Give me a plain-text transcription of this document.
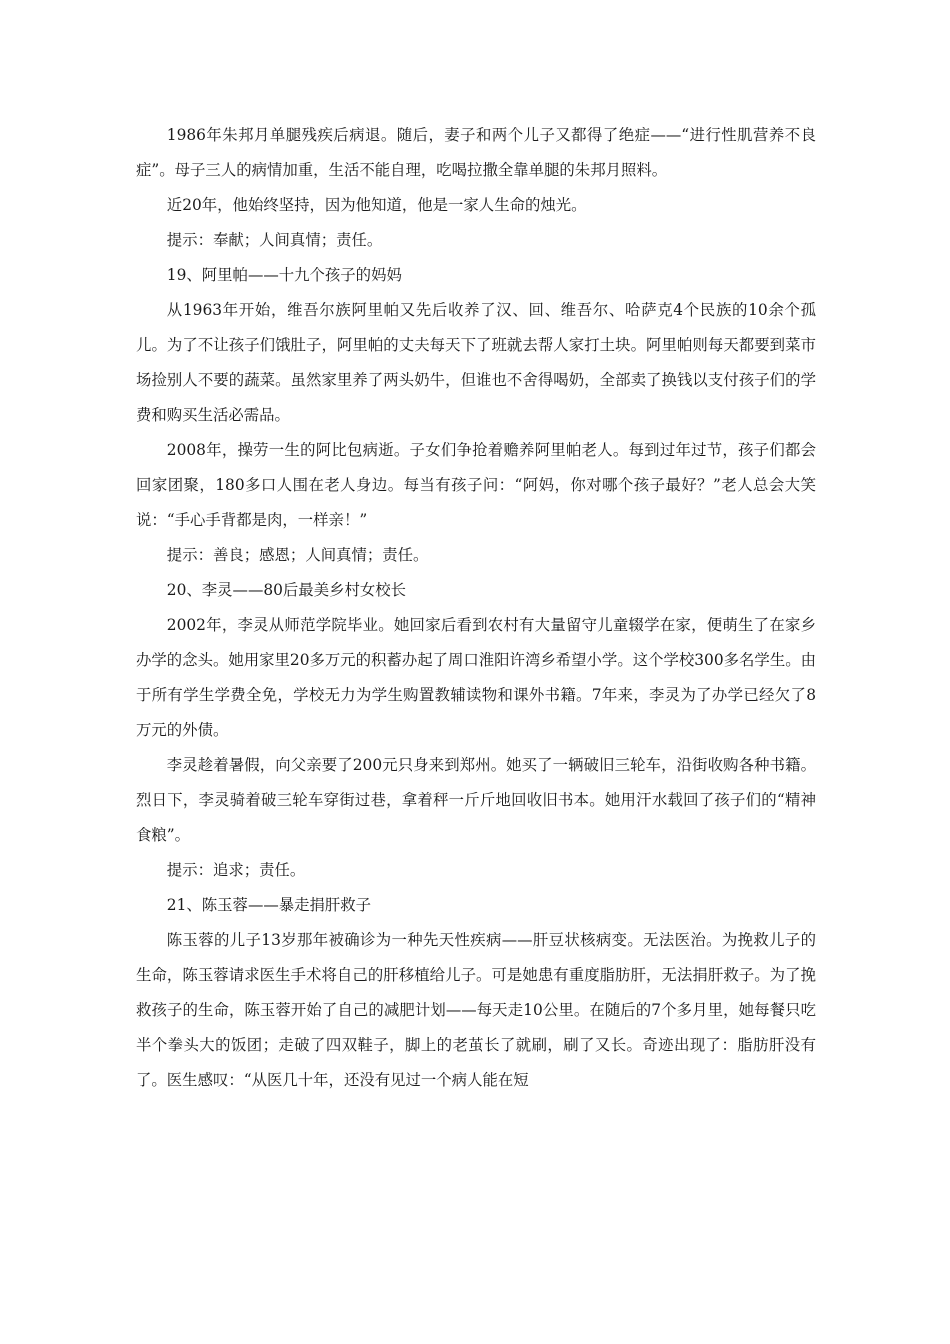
1986年朱邦月单腿残疾后病退。随后，妻子和两个儿子又都得了绝症——“进行性肌营养不良症”。母子三人的病情加重，生活不能自理，吃喝拉撒全靠单腿的朱邦月照料。

近20年，他始终坚持，因为他知道，他是一家人生命的烛光。

提示：奉献；人间真情；责任。

19、阿里帕——十九个孩子的妈妈

从1963年开始，维吾尔族阿里帕又先后收养了汉、回、维吾尔、哈萨克4个民族的10余个孤儿。为了不让孩子们饿肚子，阿里帕的丈夫每天下了班就去帮人家打土块。阿里帕则每天都要到菜市场捡别人不要的蔬菜。虽然家里养了两头奶牛，但谁也不舍得喝奶，全部卖了换钱以支付孩子们的学费和购买生活必需品。

2008年，操劳一生的阿比包病逝。子女们争抢着赡养阿里帕老人。每到过年过节，孩子们都会回家团聚，180多口人围在老人身边。每当有孩子问：“阿妈，你对哪个孩子最好？”老人总会大笑说：“手心手背都是肉，一样亲！”

提示：善良；感恩；人间真情；责任。

20、李灵——80后最美乡村女校长

2002年，李灵从师范学院毕业。她回家后看到农村有大量留守儿童辍学在家，便萌生了在家乡办学的念头。她用家里20多万元的积蓄办起了周口淮阳许湾乡希望小学。这个学校300多名学生。由于所有学生学费全免，学校无力为学生购置教辅读物和课外书籍。7年来，李灵为了办学已经欠了8万元的外债。

李灵趁着暑假，向父亲要了200元只身来到郑州。她买了一辆破旧三轮车，沿街收购各种书籍。烈日下，李灵骑着破三轮车穿街过巷，拿着秤一斤斤地回收旧书本。她用汗水载回了孩子们的“精神食粮”。

提示：追求；责任。

21、陈玉蓉——暴走捐肝救子

陈玉蓉的儿子13岁那年被确诊为一种先天性疾病——肝豆状核病变。无法医治。为挽救儿子的生命，陈玉蓉请求医生手术将自己的肝移植给儿子。可是她患有重度脂肪肝，无法捐肝救子。为了挽救孩子的生命，陈玉蓉开始了自己的减肥计划——每天走10公里。在随后的7个多月里，她每餐只吃半个拳头大的饭团；走破了四双鞋子，脚上的老茧长了就刷，刷了又长。奇迹出现了：脂肪肝没有了。医生感叹：“从医几十年，还没有见过一个病人能在短
